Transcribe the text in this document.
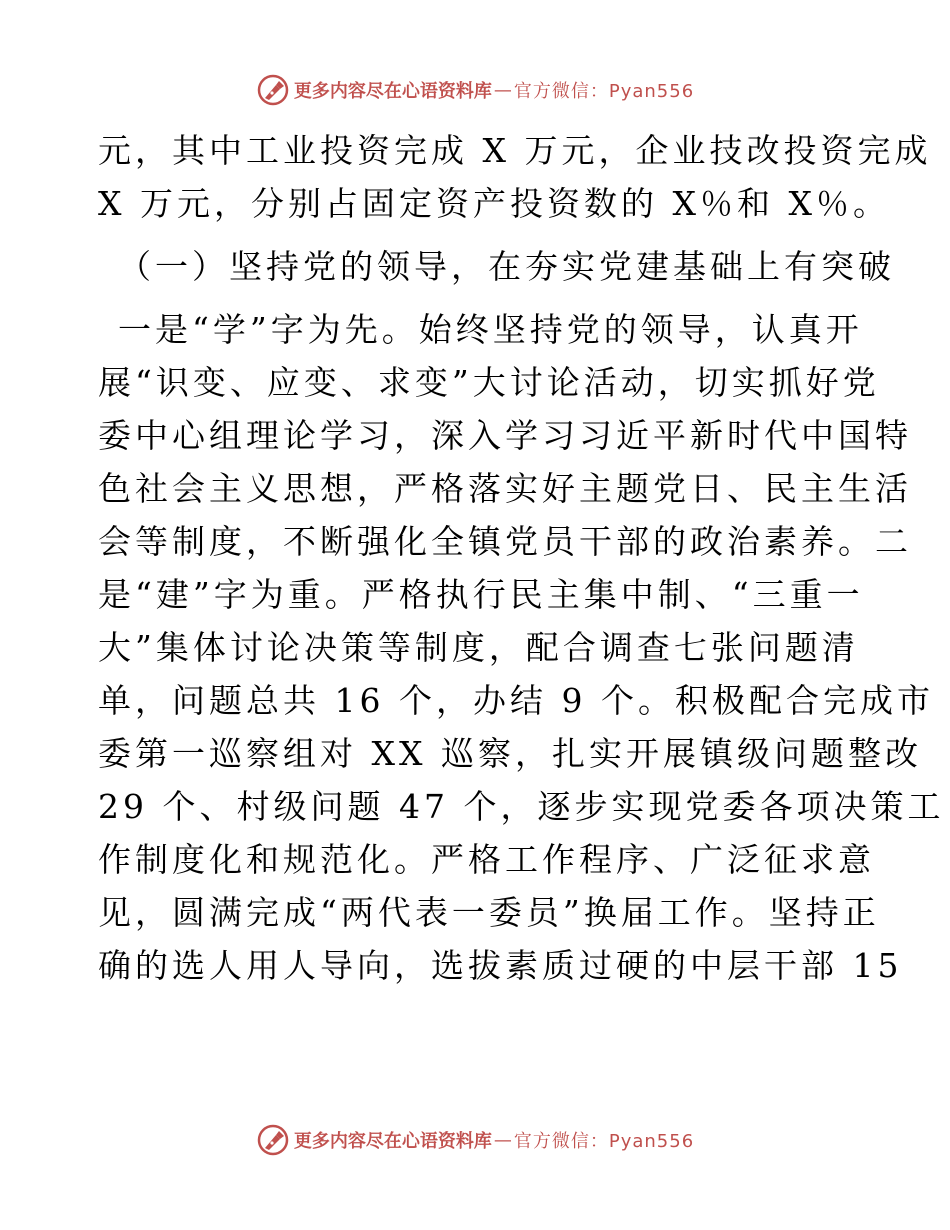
更多内容尽在心语资料库 — 官方微信：Pyan556
元，其中工业投资完成 X 万元，企业技改投资完成
X 万元，分别占固定资产投资数的 X％和 X％。
（一）坚持党的领导，在夯实党建基础上有突破
一是“学”字为先。始终坚持党的领导，认真开
展“识变、应变、求变”大讨论活动，切实抓好党
委中心组理论学习，深入学习习近平新时代中国特
色社会主义思想，严格落实好主题党日、民主生活
会等制度，不断强化全镇党员干部的政治素养。二
是“建”字为重。严格执行民主集中制、“三重一
大”集体讨论决策等制度，配合调查七张问题清
单，问题总共 16 个，办结 9 个。积极配合完成市
委第一巡察组对 XX 巡察，扎实开展镇级问题整改
29 个、村级问题 47 个，逐步实现党委各项决策工
作制度化和规范化。严格工作程序、广泛征求意
见，圆满完成“两代表一委员”换届工作。坚持正
确的选人用人导向，选拔素质过硬的中层干部 15
更多内容尽在心语资料库 — 官方微信：Pyan556
